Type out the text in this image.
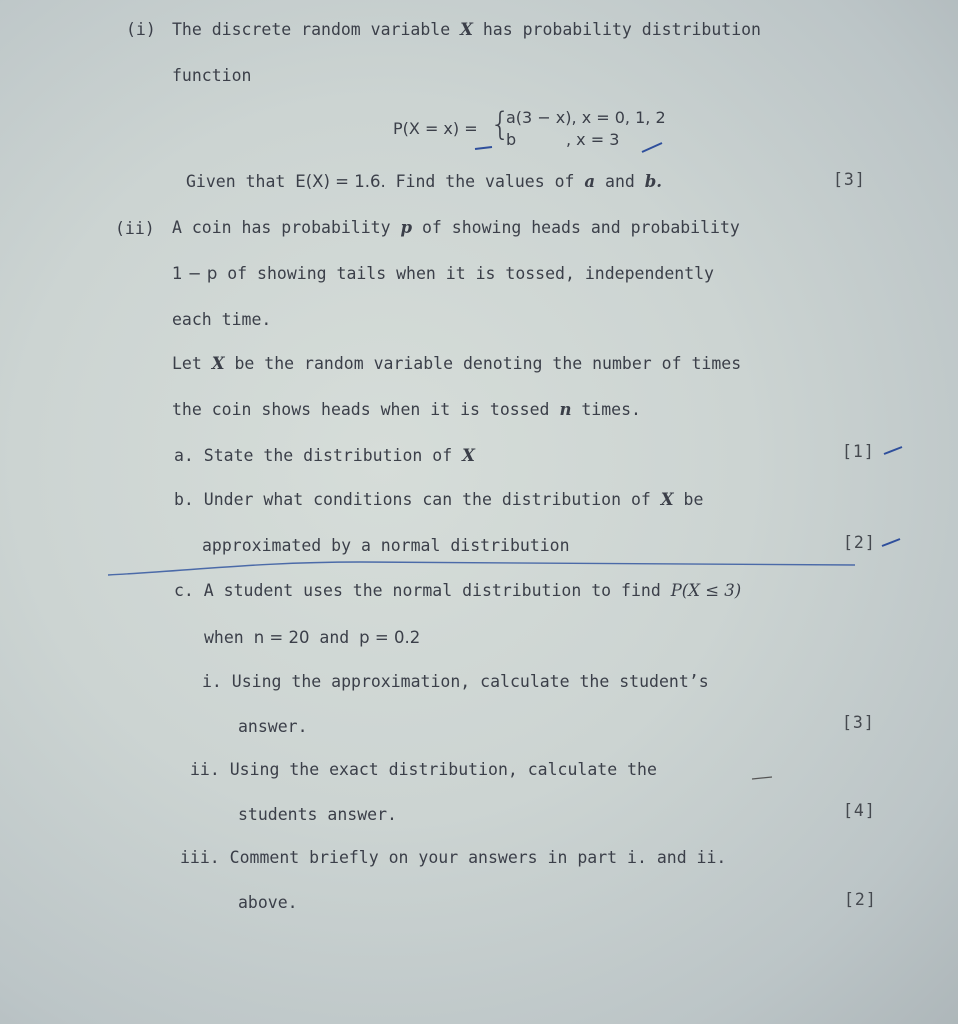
(i) The discrete random variable X has probability distribution
function
P(X = x) = {
a(3 − x), x = 0, 1, 2
b	, x = 3
Given that E(X) = 1.6. Find the values of a and b.	[3]
(ii) A coin has probability p of showing heads and probability
1 − p of showing tails when it is tossed, independently
each time.
Let X be the random variable denoting the number of times
the coin shows heads when it is tossed n times.
a. State the distribution of X	[1]
b. Under what conditions can the distribution of X be
approximated by a normal distribution	[2]
c. A student uses the normal distribution to find P(X ≤ 3)
when n = 20 and p = 0.2
i. Using the approximation, calculate the student’s
answer.	[3]
ii. Using the exact distribution, calculate the
students answer.	[4]
iii. Comment briefly on your answers in part i. and ii.
above.	[2]
